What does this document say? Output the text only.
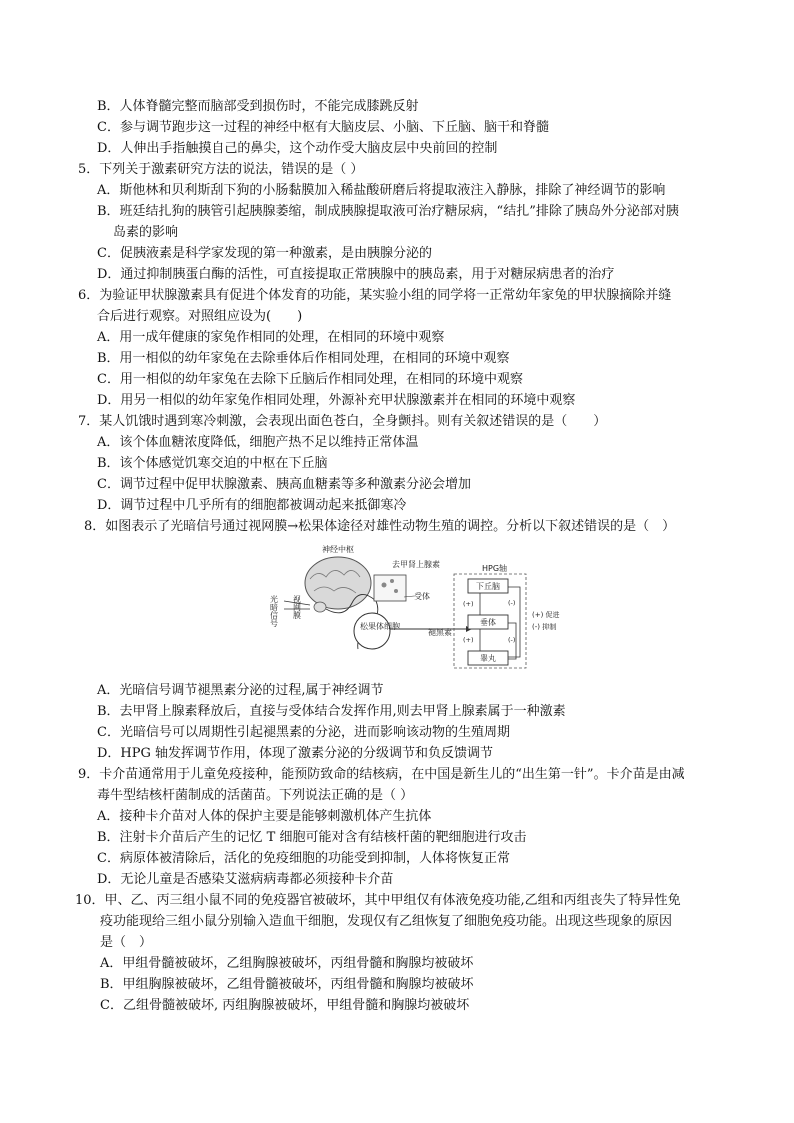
B．人体脊髓完整而脑部受到损伤时，不能完成膝跳反射
C．参与调节跑步这一过程的神经中枢有大脑皮层、小脑、下丘脑、脑干和脊髓
D．人伸出手指触摸自己的鼻尖，这个动作受大脑皮层中央前回的控制
5．下列关于激素研究方法的说法，错误的是（ ）
A．斯他林和贝利斯刮下狗的小肠黏膜加入稀盐酸研磨后将提取液注入静脉，排除了神经调节的影响
B．班廷结扎狗的胰管引起胰腺萎缩，制成胰腺提取液可治疗糖尿病，“结扎”排除了胰岛外分泌部对胰
岛素的影响
C．促胰液素是科学家发现的第一种激素，是由胰腺分泌的
D．通过抑制胰蛋白酶的活性，可直接提取正常胰腺中的胰岛素，用于对糖尿病患者的治疗
6．为验证甲状腺激素具有促进个体发育的功能，某实验小组的同学将一正常幼年家兔的甲状腺摘除并缝
合后进行观察。对照组应设为(　　)
A．用一成年健康的家兔作相同的处理，在相同的环境中观察
B．用一相似的幼年家兔在去除垂体后作相同处理，在相同的环境中观察
C．用一相似的幼年家兔在去除下丘脑后作相同处理，在相同的环境中观察
D．用另一相似的幼年家兔作相同处理，外源补充甲状腺激素并在相同的环境中观察
7．某人饥饿时遇到寒冷刺激，会表现出面色苍白，全身颤抖。则有关叙述错误的是（　　）
A．该个体血糖浓度降低，细胞产热不足以维持正常体温
B．该个体感觉饥寒交迫的中枢在下丘脑
C．调节过程中促甲状腺激素、胰高血糖素等多种激素分泌会增加
D．调节过程中几乎所有的细胞都被调动起来抵御寒冷
8．如图表示了光暗信号通过视网膜→松果体途径对雄性动物生殖的调控。分析以下叙述错误的是（　）
神经中枢
光暗信号 视网膜
去甲肾上腺素
受体
松果体细胞
褪黑素
HPG轴
下丘脑
垂体
睾丸
(+)
(+)
(-)
(-)
(+) 促进
(-) 抑制
A．光暗信号调节褪黑素分泌的过程,属于神经调节
B．去甲肾上腺素释放后，直接与受体结合发挥作用,则去甲肾上腺素属于一种激素
C．光暗信号可以周期性引起褪黑素的分泌，进而影响该动物的生殖周期
D．HPG 轴发挥调节作用，体现了激素分泌的分级调节和负反馈调节
9．卡介苗通常用于儿童免疫接种，能预防致命的结核病，在中国是新生儿的“出生第一针”。卡介苗是由减
毒牛型结核杆菌制成的活菌苗。下列说法正确的是（ ）
A．接种卡介苗对人体的保护主要是能够刺激机体产生抗体
B．注射卡介苗后产生的记忆 T 细胞可能对含有结核杆菌的靶细胞进行攻击
C．病原体被清除后，活化的免疫细胞的功能受到抑制，人体将恢复正常
D．无论儿童是否感染艾滋病病毒都必须接种卡介苗
10．甲、乙、丙三组小鼠不同的免疫器官被破坏，其中甲组仅有体液免疫功能,乙组和丙组丧失了特异性免
疫功能现给三组小鼠分别输入造血干细胞，发现仅有乙组恢复了细胞免疫功能。出现这些现象的原因
是（　）
A．甲组骨髓被破坏，乙组胸腺被破坏，丙组骨髓和胸腺均被破坏
B．甲组胸腺被破坏，乙组骨髓被破坏，丙组骨髓和胸腺均被破坏
C．乙组骨髓被破坏, 丙组胸腺被破坏，甲组骨髓和胸腺均被破坏
